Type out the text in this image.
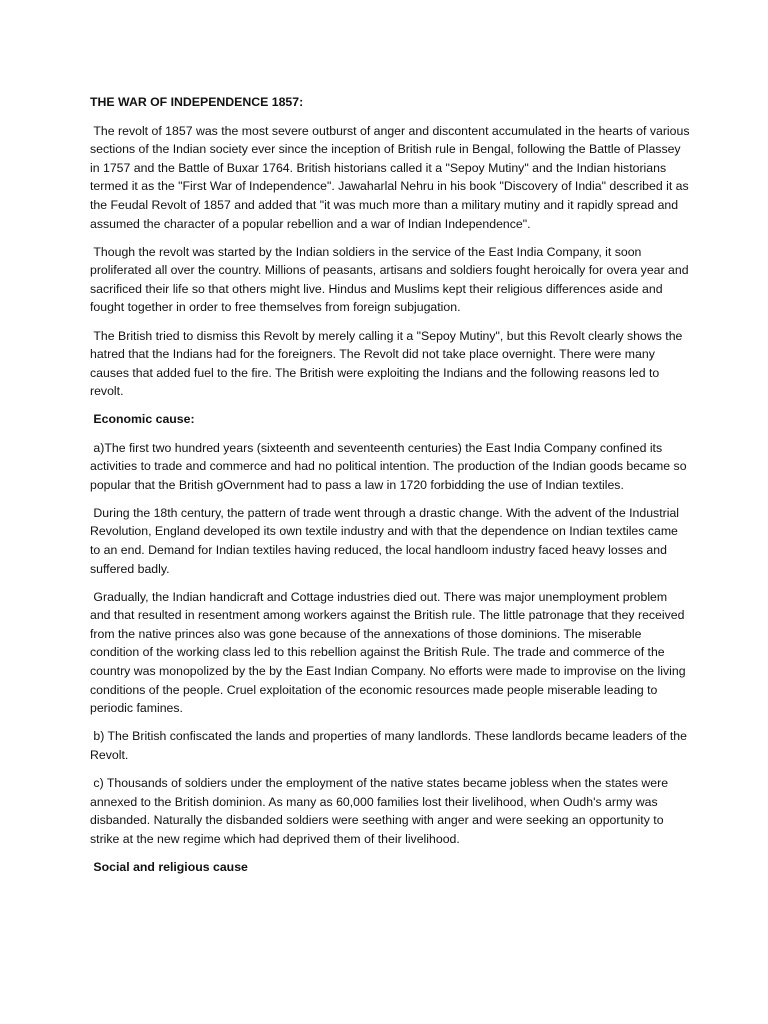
THE WAR OF INDEPENDENCE 1857:

The revolt of 1857 was the most severe outburst of anger and discontent accumulated in the hearts of various sections of the Indian society ever since the inception of British rule in Bengal, following the Battle of Plassey in 1757 and the Battle of Buxar 1764. British historians called it a "Sepoy Mutiny" and the Indian historians termed it as the "First War of Independence". Jawaharlal Nehru in his book "Discovery of India" described it as the Feudal Revolt of 1857 and added that "it was much more than a military mutiny and it rapidly spread and assumed the character of a popular rebellion and a war of Indian Independence".

Though the revolt was started by the Indian soldiers in the service of the East India Company, it soon proliferated all over the country. Millions of peasants, artisans and soldiers fought heroically for overa year and sacrificed their life so that others might live. Hindus and Muslims kept their religious differences aside and fought together in order to free themselves from foreign subjugation.

The British tried to dismiss this Revolt by merely calling it a "Sepoy Mutiny", but this Revolt clearly shows the hatred that the Indians had for the foreigners. The Revolt did not take place overnight. There were many causes that added fuel to the fire. The British were exploiting the Indians and the following reasons led to revolt.

Economic cause:

a)The first two hundred years (sixteenth and seventeenth centuries) the East India Company confined its activities to trade and commerce and had no political intention. The production of the Indian goods became so popular that the British gOvernment had to pass a law in 1720 forbidding the use of Indian textiles.

During the 18th century, the pattern of trade went through a drastic change. With the advent of the Industrial Revolution, England developed its own textile industry and with that the dependence on Indian textiles came to an end. Demand for Indian textiles having reduced, the local handloom industry faced heavy losses and suffered badly.

Gradually, the Indian handicraft and Cottage industries died out. There was major unemployment problem and that resulted in resentment among workers against the British rule. The little patronage that they received from the native princes also was gone because of the annexations of those dominions. The miserable condition of the working class led to this rebellion against the British Rule. The trade and commerce of the country was monopolized by the by the East Indian Company. No efforts were made to improvise on the living conditions of the people. Cruel exploitation of the economic resources made people miserable leading to periodic famines.

b) The British confiscated the lands and properties of many landlords. These landlords became leaders of the Revolt.

c) Thousands of soldiers under the employment of the native states became jobless when the states were annexed to the British dominion. As many as 60,000 families lost their livelihood, when Oudh's army was disbanded. Naturally the disbanded soldiers were seething with anger and were seeking an opportunity to strike at the new regime which had deprived them of their livelihood.

Social and religious cause
